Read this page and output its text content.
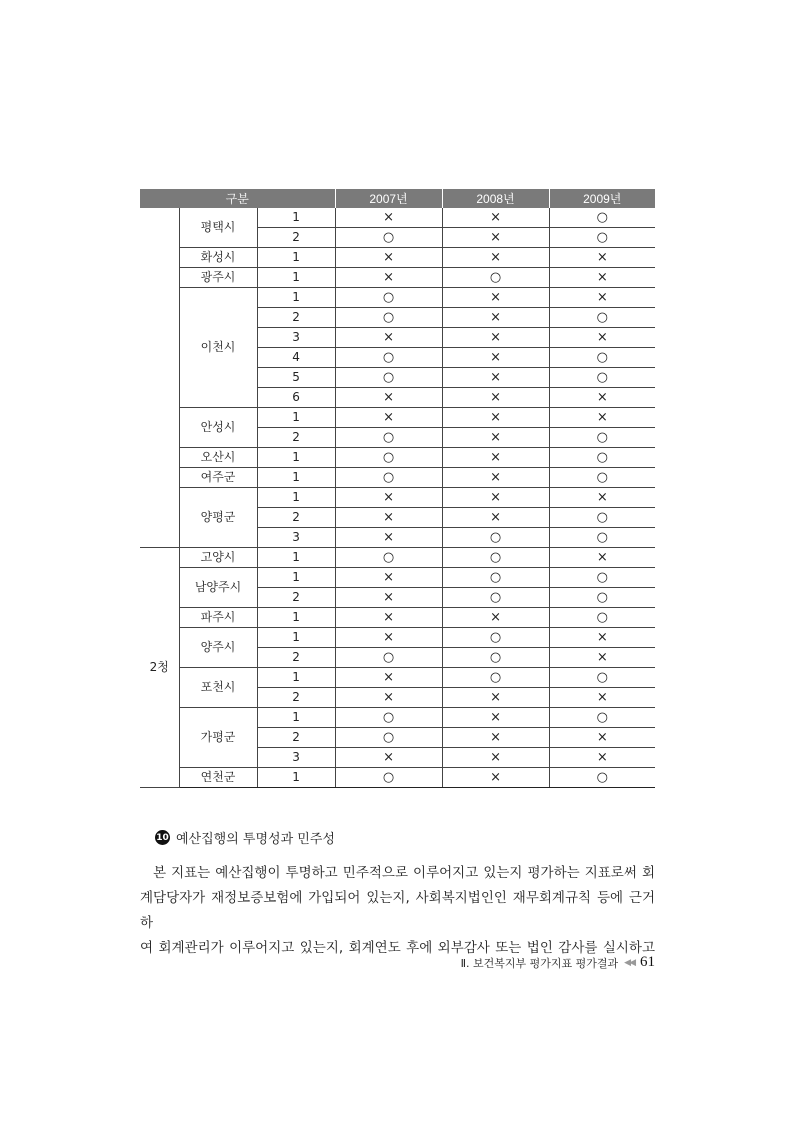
구분			2007년	2008년	2009년
	평택시	1	×	×	○
		2	○	×	○
	화성시	1	×	×	×
	광주시	1	×	○	×
	이천시	1	○	×	×
		2	○	×	○
		3	×	×	×
		4	○	×	○
		5	○	×	○
		6	×	×	×
	안성시	1	×	×	×
		2	○	×	○
	오산시	1	○	×	○
	여주군	1	○	×	○
	양평군	1	×	×	×
		2	×	×	○
		3	×	○	○
2청	고양시	1	○	○	×
	남양주시	1	×	○	○
		2	×	○	○
	파주시	1	×	×	○
	양주시	1	×	○	×
		2	○	○	×
	포천시	1	×	○	○
		2	×	×	×
	가평군	1	○	×	○
		2	○	×	×
		3	×	×	×
	연천군	1	○	×	○
10 예산집행의 투명성과 민주성

본 지표는 예산집행이 투명하고 민주적으로 이루어지고 있는지 평가하는 지표로써 회
계담당자가 재정보증보험에 가입되어 있는지, 사회복지법인인 재무회계규칙 등에 근거하
여 회계관리가 이루어지고 있는지, 회계연도 후에 외부감사 또는 법인 감사를 실시하고

Ⅱ. 보건복지부 평가지표 평가결과 ◀◀ 61
